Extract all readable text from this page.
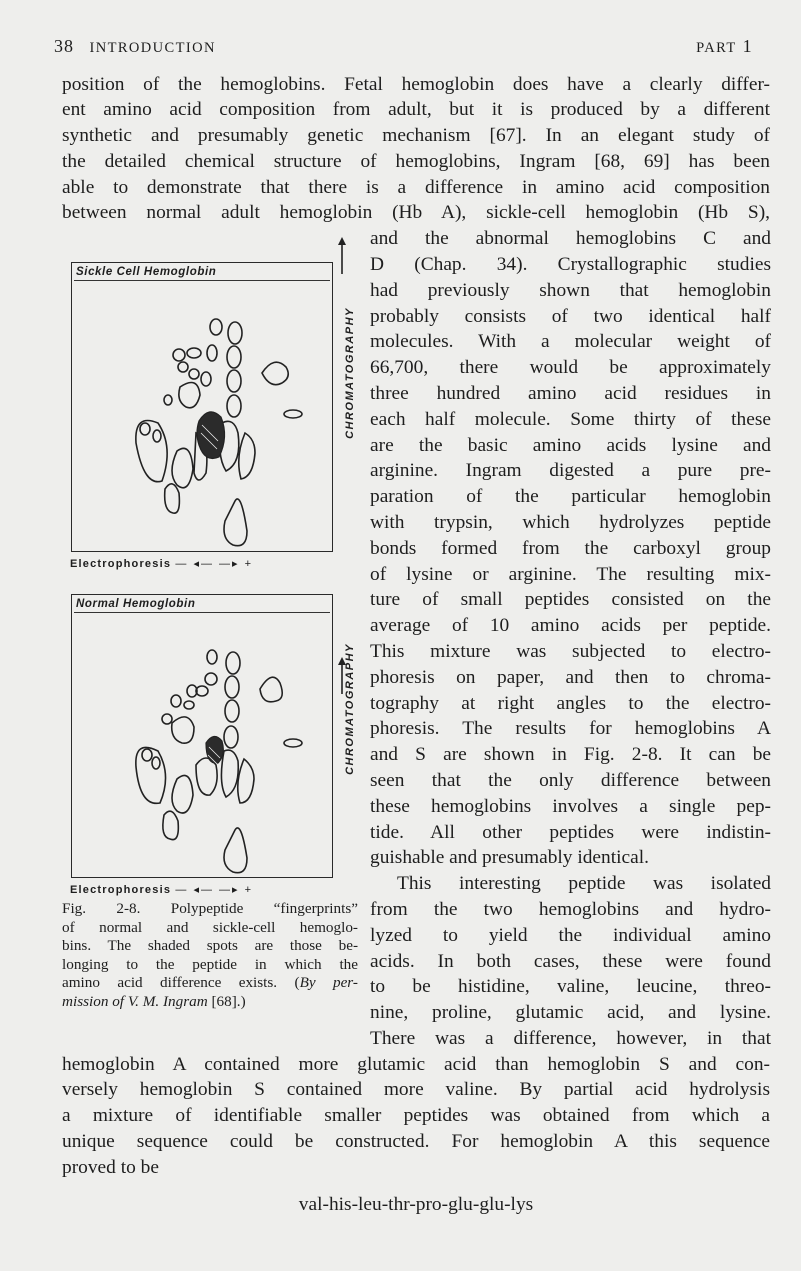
38 INTRODUCTION	PART 1
position of the hemoglobins. Fetal hemoglobin does have a clearly differ-
ent amino acid composition from adult, but it is produced by a different
synthetic and presumably genetic mechanism [67]. In an elegant study of
the detailed chemical structure of hemoglobins, Ingram [68, 69] has been
able to demonstrate that there is a difference in amino acid composition
between normal adult hemoglobin (Hb A), sickle-cell hemoglobin (Hb S),
and the abnormal hemoglobins C and
D (Chap. 34). Crystallographic studies
had previously shown that hemoglobin
probably consists of two identical half
molecules. With a molecular weight of
66,700, there would be approximately
three hundred amino acid residues in
each half molecule. Some thirty of these
are the basic amino acids lysine and
arginine. Ingram digested a pure pre-
paration of the particular hemoglobin
with trypsin, which hydrolyzes peptide
bonds formed from the carboxyl group
of lysine or arginine. The resulting mix-
ture of small peptides consisted on the
average of 10 amino acids per peptide.
This mixture was subjected to electro-
phoresis on paper, and then to chroma-
tography at right angles to the electro-
phoresis. The results for hemoglobins A
and S are shown in Fig. 2-8. It can be
seen that the only difference between
these hemoglobins involves a single pep-
tide. All other peptides were indistin-
guishable and presumably identical.
This interesting peptide was isolated
from the two hemoglobins and hydro-
lyzed to yield the individual amino
acids. In both cases, these were found
to be histidine, valine, leucine, threo-
nine, proline, glutamic acid, and lysine.
There was a difference, however, in that
hemoglobin A contained more glutamic acid than hemoglobin S and con-
versely hemoglobin S contained more valine. By partial acid hydrolysis
a mixture of identifiable smaller peptides was obtained from which a
unique sequence could be constructed. For hemoglobin A this sequence
proved to be
val-his-leu-thr-pro-glu-glu-lys
Sickle Cell Hemoglobin
CHROMATOGRAPHY
Electrophoresis — ◂— —▸ +
Normal Hemoglobin
CHROMATOGRAPHY
Electrophoresis — ◂— —▸ +
Fig. 2-8. Polypeptide “fingerprints”
of normal and sickle-cell hemoglo-
bins. The shaded spots are those be-
longing to the peptide in which the
amino acid difference exists. (By per-
mission of V. M. Ingram [68].)
